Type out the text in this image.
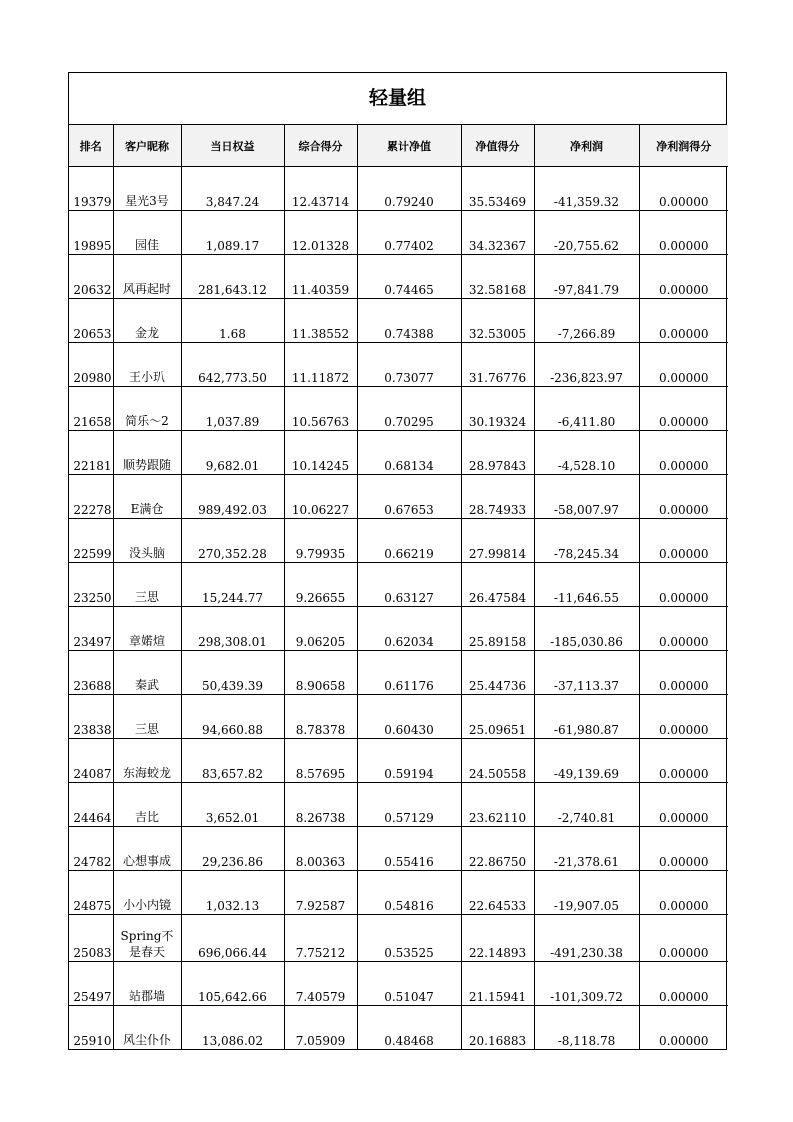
轻量组
排名	客户昵称	当日权益	综合得分	累计净值	净值得分	净利润	净利润得分
19379	星光3号	3,847.24	12.43714	0.79240	35.53469	-41,359.32	0.00000
19895	园佳	1,089.17	12.01328	0.77402	34.32367	-20,755.62	0.00000
20632	风再起时	281,643.12	11.40359	0.74465	32.58168	-97,841.79	0.00000
20653	金龙	1.68	11.38552	0.74388	32.53005	-7,266.89	0.00000
20980	王小玐	642,773.50	11.11872	0.73077	31.76776	-236,823.97	0.00000
21658	简乐～2	1,037.89	10.56763	0.70295	30.19324	-6,411.80	0.00000
22181	顺势跟随	9,682.01	10.14245	0.68134	28.97843	-4,528.10	0.00000
22278	E满仓	989,492.03	10.06227	0.67653	28.74933	-58,007.97	0.00000
22599	没头脑	270,352.28	9.79935	0.66219	27.99814	-78,245.34	0.00000
23250	三思	15,244.77	9.26655	0.63127	26.47584	-11,646.55	0.00000
23497	章婼煊	298,308.01	9.06205	0.62034	25.89158	-185,030.86	0.00000
23688	秦武	50,439.39	8.90658	0.61176	25.44736	-37,113.37	0.00000
23838	三思	94,660.88	8.78378	0.60430	25.09651	-61,980.87	0.00000
24087	东海蛟龙	83,657.82	8.57695	0.59194	24.50558	-49,139.69	0.00000
24464	吉比	3,652.01	8.26738	0.57129	23.62110	-2,740.81	0.00000
24782	心想事成	29,236.86	8.00363	0.55416	22.86750	-21,378.61	0.00000
24875	小小内镜	1,032.13	7.92587	0.54816	22.64533	-19,907.05	0.00000
25083	Spring不是春天	696,066.44	7.75212	0.53525	22.14893	-491,230.38	0.00000
25497	站郡墙	105,642.66	7.40579	0.51047	21.15941	-101,309.72	0.00000
25910	风尘仆仆	13,086.02	7.05909	0.48468	20.16883	-8,118.78	0.00000
